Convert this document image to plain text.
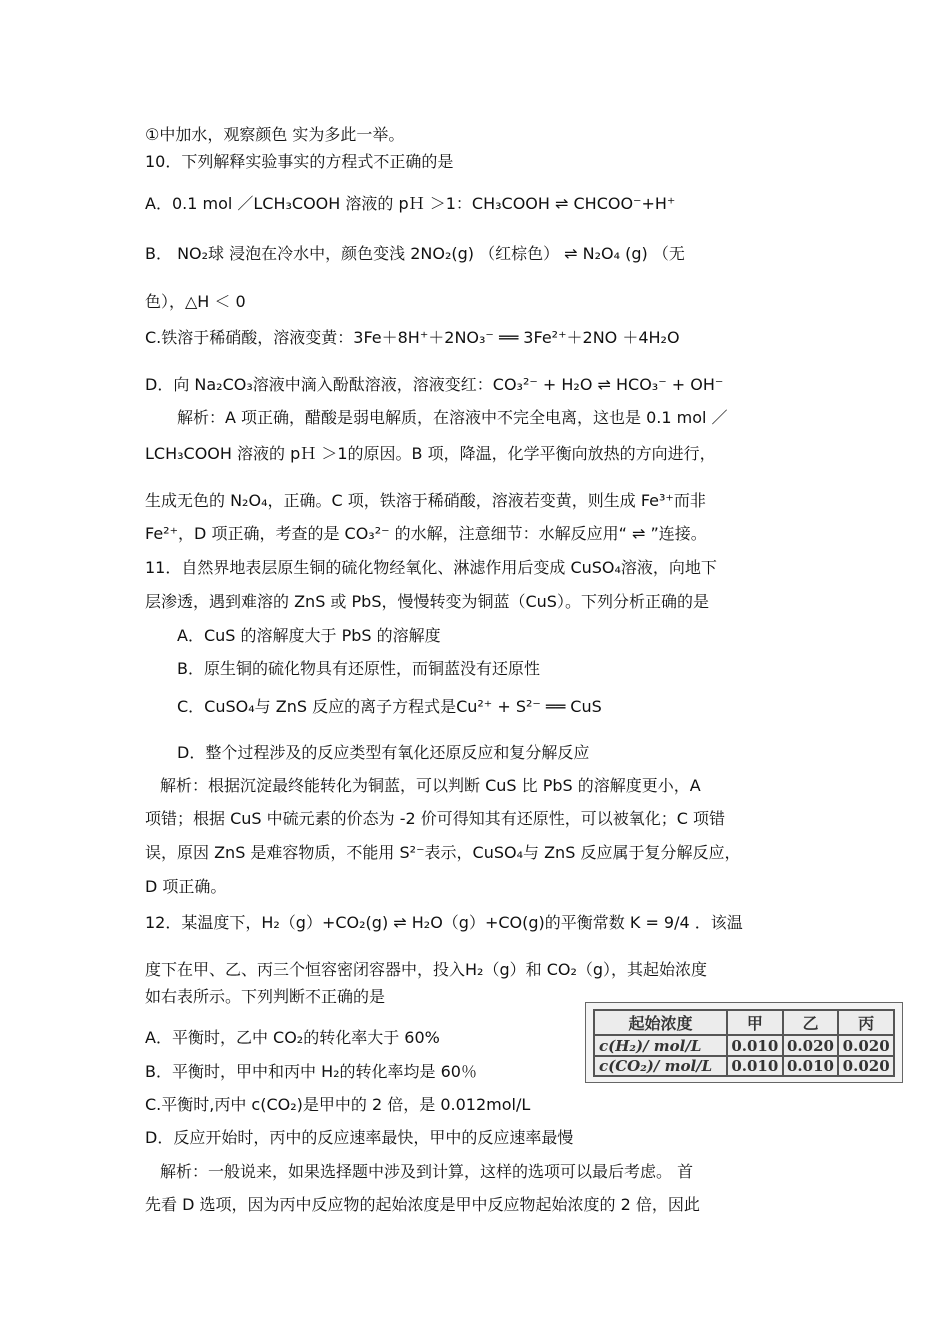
①中加水，观察颜色 实为多此一举。
10．下列解释实验事实的方程式不正确的是
A．0.1 mol ／LCH₃COOH 溶液的 pＨ ＞1：CH₃COOH ⇌ CHCOO⁻+H⁺
B． NO₂球 浸泡在冷水中，颜色变浅 2NO₂(g) （红棕色） ⇌ N₂O₄ (g) （无
色），△H ＜ 0
C.铁溶于稀硝酸，溶液变黄：3Fe＋8H⁺＋2NO₃⁻ ══ 3Fe²⁺＋2NO ＋4H₂O
D．向 Na₂CO₃溶液中滴入酚酞溶液，溶液变红：CO₃²⁻ + H₂O ⇌ HCO₃⁻ + OH⁻
解析：A 项正确，醋酸是弱电解质，在溶液中不完全电离，这也是 0.1 mol ／
LCH₃COOH 溶液的 pＨ ＞1的原因。B 项，降温，化学平衡向放热的方向进行，
生成无色的 N₂O₄，正确。C 项，铁溶于稀硝酸，溶液若变黄，则生成 Fe³⁺而非
Fe²⁺，D 项正确，考查的是 CO₃²⁻ 的水解，注意细节：水解反应用“ ⇌ ”连接。
11．自然界地表层原生铜的硫化物经氧化、淋滤作用后变成 CuSO₄溶液，向地下
层渗透，遇到难溶的 ZnS 或 PbS，慢慢转变为铜蓝（CuS）。下列分析正确的是
A．CuS 的溶解度大于 PbS 的溶解度
B．原生铜的硫化物具有还原性，而铜蓝没有还原性
C．CuSO₄与 ZnS 反应的离子方程式是Cu²⁺ + S²⁻ ══ CuS
D．整个过程涉及的反应类型有氧化还原反应和复分解反应
解析：根据沉淀最终能转化为铜蓝，可以判断 CuS 比 PbS 的溶解度更小，A
项错；根据 CuS 中硫元素的价态为 -2 价可得知其有还原性，可以被氧化；C 项错
误，原因 ZnS 是难容物质，不能用 S²⁻表示，CuSO₄与 ZnS 反应属于复分解反应，
D 项正确。
12．某温度下，H₂（g）+CO₂(g) ⇌ H₂O（g）+CO(g)的平衡常数 K = 9/4 ．该温
度下在甲、乙、丙三个恒容密闭容器中，投入H₂（g）和 CO₂（g），其起始浓度
如右表所示。下列判断不正确的是
A．平衡时，乙中 CO₂的转化率大于 60%
B．平衡时，甲中和丙中 H₂的转化率均是 60％
C.平衡时,丙中 c(CO₂)是甲中的 2 倍，是 0.012mol/L
D．反应开始时，丙中的反应速率最快，甲中的反应速率最慢
解析：一般说来，如果选择题中涉及到计算，这样的选项可以最后考虑。 首
先看 D 选项，因为丙中反应物的起始浓度是甲中反应物起始浓度的 2 倍，因此
起始浓度	甲	乙	丙
c(H₂)/ mol/L	0.010	0.020	0.020
c(CO₂)/ mol/L	0.010	0.010	0.020
